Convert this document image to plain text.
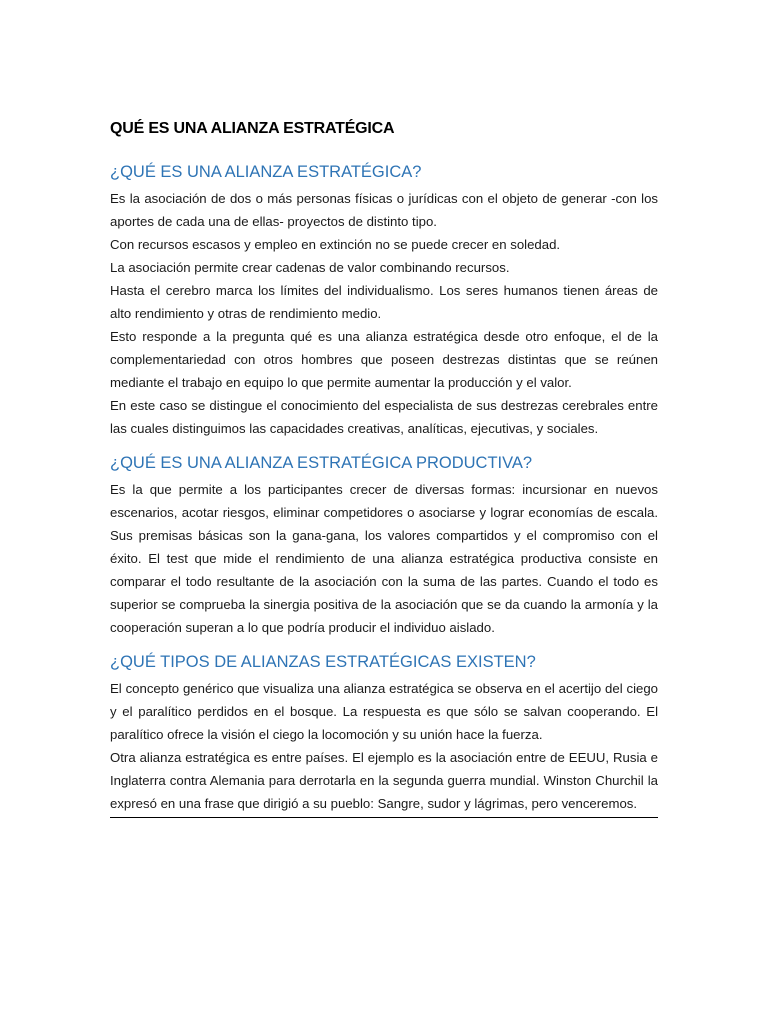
QUÉ ES UNA ALIANZA ESTRATÉGICA
¿QUÉ ES UNA ALIANZA ESTRATÉGICA?

Es la asociación de dos o más personas físicas o jurídicas con el objeto de generar -con los aportes de cada una de ellas- proyectos de distinto tipo.

Con recursos escasos y empleo en extinción no se puede crecer en soledad.

La asociación permite crear cadenas de valor combinando recursos.

Hasta el cerebro marca los límites del individualismo. Los seres humanos tienen áreas de alto rendimiento y otras de rendimiento medio.

Esto responde a la pregunta qué es una alianza estratégica desde otro enfoque, el de la complementariedad con otros hombres que poseen destrezas distintas que se reúnen mediante el trabajo en equipo lo que permite aumentar la producción y el valor.

En este caso se distingue el conocimiento del especialista de sus destrezas cerebrales entre las cuales distinguimos las capacidades creativas, analíticas, ejecutivas, y sociales.

¿QUÉ ES UNA ALIANZA ESTRATÉGICA PRODUCTIVA?

Es la que permite a los participantes crecer de diversas formas: incursionar en nuevos escenarios, acotar riesgos, eliminar competidores o asociarse y lograr economías de escala. Sus premisas básicas son la gana-gana, los valores compartidos y el compromiso con el éxito. El test que mide el rendimiento de una alianza estratégica productiva consiste en comparar el todo resultante de la asociación con la suma de las partes. Cuando el todo es superior se comprueba la sinergia positiva de la asociación que se da cuando la armonía y la cooperación superan a lo que podría producir el individuo aislado.

¿QUÉ TIPOS DE ALIANZAS ESTRATÉGICAS EXISTEN?

El concepto genérico que visualiza una alianza estratégica se observa en el acertijo del ciego y el paralítico perdidos en el bosque. La respuesta es que sólo se salvan cooperando. El paralítico ofrece la visión el ciego la locomoción y su unión hace la fuerza.

Otra alianza estratégica es entre países. El ejemplo es la asociación entre de EEUU, Rusia e Inglaterra contra Alemania para derrotarla en la segunda guerra mundial. Winston Churchil la expresó en una frase que dirigió a su pueblo: Sangre, sudor y lágrimas, pero venceremos.
